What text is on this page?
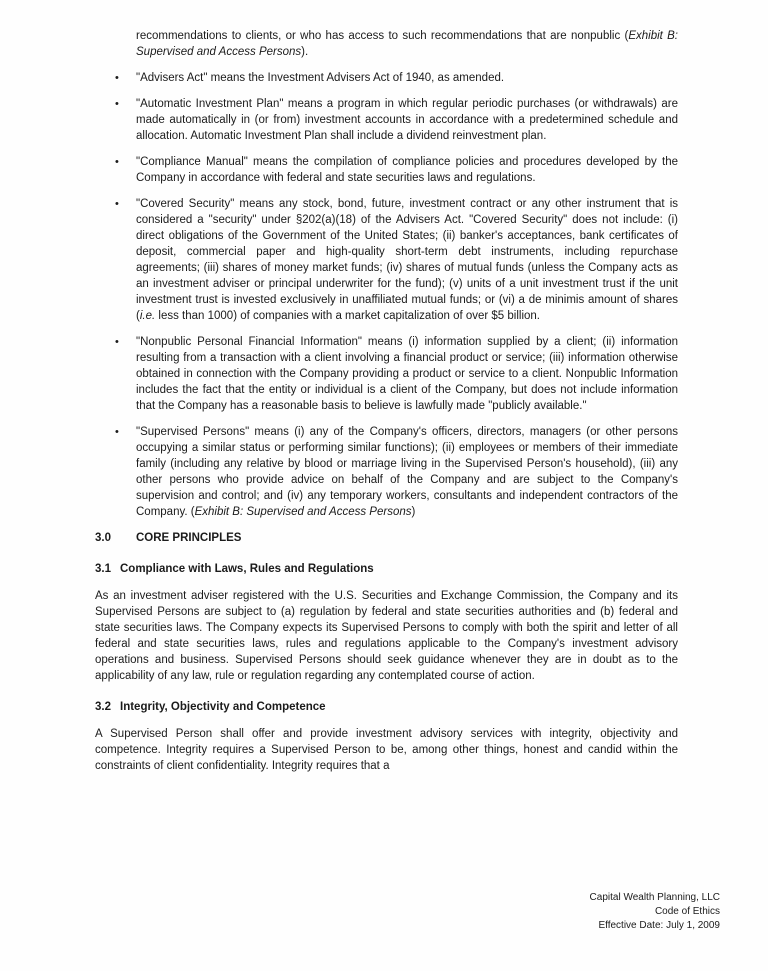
recommendations to clients, or who has access to such recommendations that are nonpublic (Exhibit B: Supervised and Access Persons).

•	"Advisers Act" means the Investment Advisers Act of 1940, as amended.
•	"Automatic Investment Plan" means a program in which regular periodic purchases (or withdrawals) are made automatically in (or from) investment accounts in accordance with a predetermined schedule and allocation. Automatic Investment Plan shall include a dividend reinvestment plan.
•	"Compliance Manual" means the compilation of compliance policies and procedures developed by the Company in accordance with federal and state securities laws and regulations.
•	"Covered Security" means any stock, bond, future, investment contract or any other instrument that is considered a "security" under §202(a)(18) of the Advisers Act. "Covered Security" does not include: (i) direct obligations of the Government of the United States; (ii) banker's acceptances, bank certificates of deposit, commercial paper and high-quality short-term debt instruments, including repurchase agreements; (iii) shares of money market funds; (iv) shares of mutual funds (unless the Company acts as an investment adviser or principal underwriter for the fund); (v) units of a unit investment trust if the unit investment trust is invested exclusively in unaffiliated mutual funds; or (vi) a de minimis amount of shares (i.e. less than 1000) of companies with a market capitalization of over $5 billion.
•	"Nonpublic Personal Financial Information" means (i) information supplied by a client; (ii) information resulting from a transaction with a client involving a financial product or service; (iii) information otherwise obtained in connection with the Company providing a product or service to a client. Nonpublic Information includes the fact that the entity or individual is a client of the Company, but does not include information that the Company has a reasonable basis to believe is lawfully made "publicly available."
•	"Supervised Persons" means (i) any of the Company's officers, directors, managers (or other persons occupying a similar status or performing similar functions); (ii) employees or members of their immediate family (including any relative by blood or marriage living in the Supervised Person's household), (iii) any other persons who provide advice on behalf of the Company and are subject to the Company's supervision and control; and (iv) any temporary workers, consultants and independent contractors of the Company. (Exhibit B: Supervised and Access Persons)
3.0	CORE PRINCIPLES
3.1 Compliance with Laws, Rules and Regulations

As an investment adviser registered with the U.S. Securities and Exchange Commission, the Company and its Supervised Persons are subject to (a) regulation by federal and state securities authorities and (b) federal and state securities laws. The Company expects its Supervised Persons to comply with both the spirit and letter of all federal and state securities laws, rules and regulations applicable to the Company's investment advisory operations and business. Supervised Persons should seek guidance whenever they are in doubt as to the applicability of any law, rule or regulation regarding any contemplated course of action.

3.2 Integrity, Objectivity and Competence

A Supervised Person shall offer and provide investment advisory services with integrity, objectivity and competence. Integrity requires a Supervised Person to be, among other things, honest and candid within the constraints of client confidentiality. Integrity requires that a

Capital Wealth Planning, LLC
Code of Ethics
Effective Date: July 1, 2009
